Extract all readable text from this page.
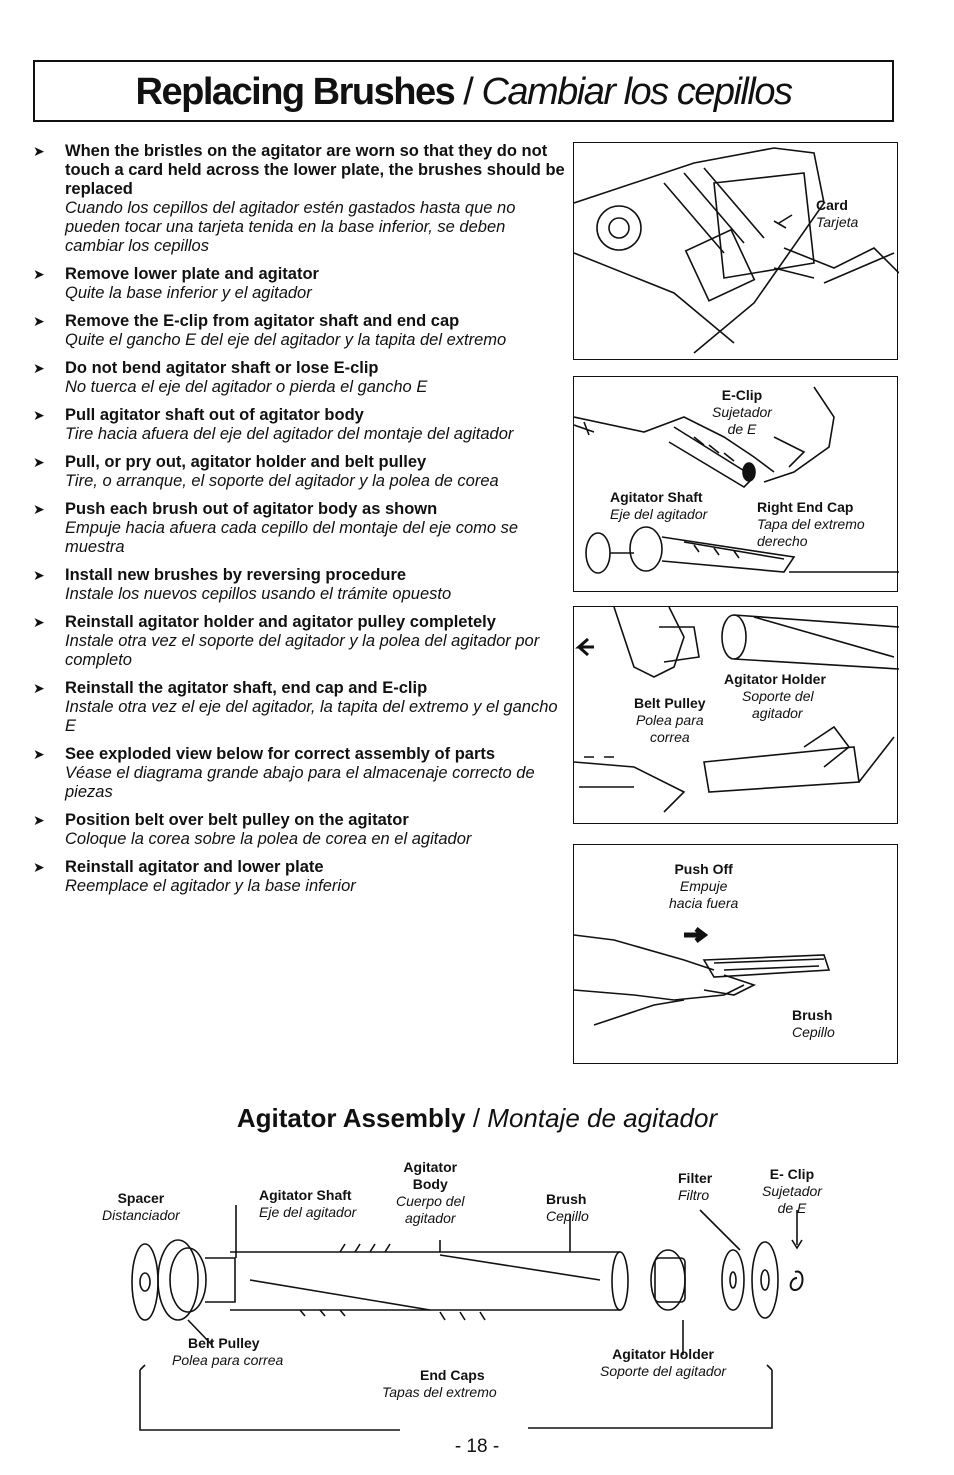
Replacing Brushes / Cambiar los cepillos
➤ When the bristles on the agitator are worn so that they do not touch a card held across the lower plate, the brushes should be replaced
Cuando los cepillos del agitador estén gastados hasta que no pueden tocar una tarjeta tenida en la base inferior, se deben cambiar los cepillos
➤ Remove lower plate and agitator
Quite la base inferior y el agitador
➤ Remove the E-clip from agitator shaft and end cap
Quite el gancho E del eje del agitador y la tapita del extremo
➤ Do not bend agitator shaft or lose E-clip
No tuerca el eje del agitador o pierda el gancho E
➤ Pull agitator shaft out of agitator body
Tire hacia afuera del eje del agitador del montaje del agitador
➤ Pull, or pry out, agitator holder and belt pulley
Tire, o arranque, el soporte del agitador y la polea de corea
➤ Push each brush out of agitator body as shown
Empuje hacia afuera cada cepillo del montaje del eje como se muestra
➤ Install new brushes by reversing procedure
Instale los nuevos cepillos usando el trámite opuesto
➤ Reinstall agitator holder and agitator pulley completely
Instale otra vez el soporte del agitador y la polea del agitador por completo
➤ Reinstall the agitator shaft, end cap and E-clip
Instale otra vez el eje del agitador, la tapita del extremo y el gancho E
➤ See exploded view below for correct assembly of parts
Véase el diagrama grande abajo para el almacenaje correcto de piezas
➤ Position belt over belt pulley on the agitator
Coloque la corea sobre la polea de corea en el agitador
➤ Reinstall agitator and lower plate
Reemplace el agitador y la base inferior
Card
Tarjeta
E-Clip
Sujetador
de E
Agitator Shaft
Eje del agitador	Right End Cap
Tapa del extremo
derecho
Agitator Holder
Soporte del
agitador
Belt Pulley
Polea para
correa
Push Off
Empuje
hacia fuera
Brush
Cepillo
Agitator Assembly / Montaje de agitador
Spacer
Distanciador
Agitator Shaft
Eje del agitador
Agitator
Body
Cuerpo del
agitador
Brush
Cepillo
Filter
Filtro
E- Clip
Sujetador
de E
Belt Pulley
Polea para correa	Agitator Holder
Soporte del agitador
End Caps
Tapas del extremo
- 18 -
